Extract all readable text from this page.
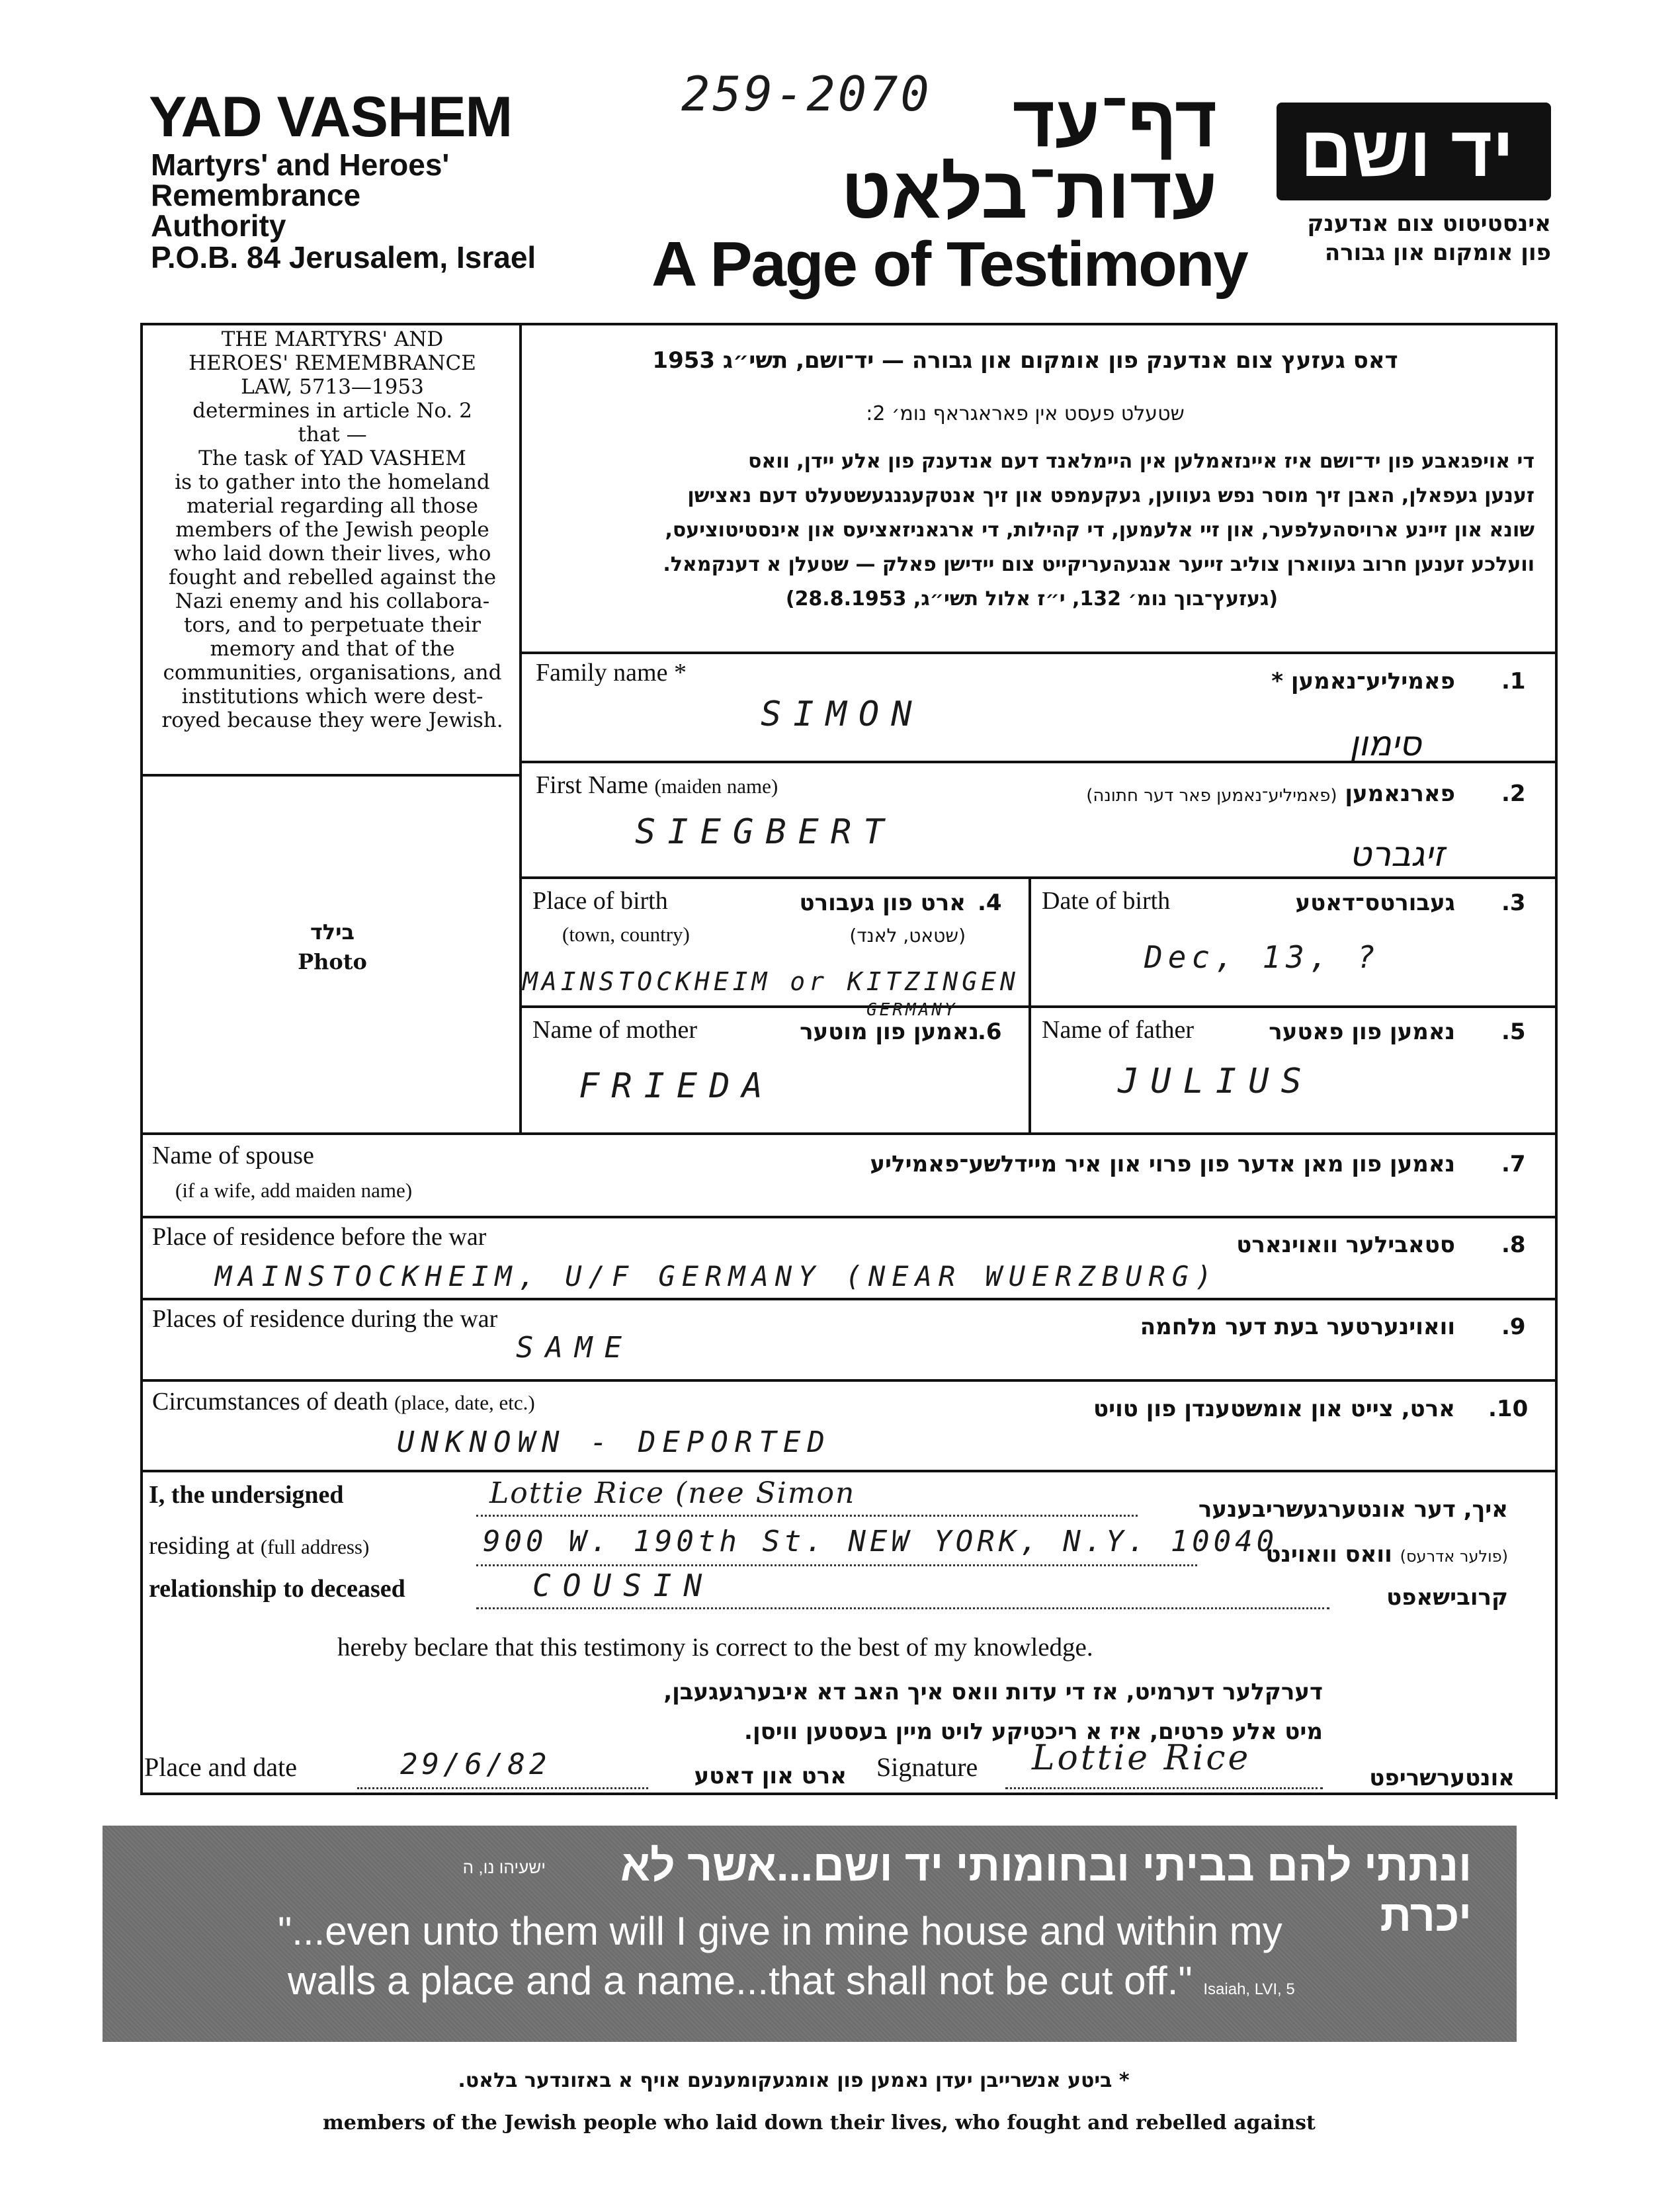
YAD VASHEM
Martyrs' and Heroes'
Remembrance
Authority
P.O.B. 84 Jerusalem, Israel
259-2070	דף־עד
עדות־בלאט
A Page of Testimony
יד ושם
אינסטיטוט צום אנדענק
פון אומקום און גבורה
THE MARTYRS' AND
HEROES' REMEMBRANCE
LAW, 5713—1953
determines in article No. 2
that —
The task of YAD VASHEM
is to gather into the homeland
material regarding all those
members of the Jewish people
who laid down their lives, who
fought and rebelled against the
Nazi enemy and his collabora-
tors, and to perpetuate their
memory and that of the
communities, organisations, and
institutions which were dest-
royed because they were Jewish.
דאס געזעץ צום אנדענק פון אומקום און גבורה — יד־ושם, תשי״ג 1953
שטעלט פעסט אין פאראגראף נומ׳ 2:
די אויפגאבע פון יד־ושם איז איינזאמלען אין היימלאנד דעם אנדענק פון אלע יידן, וואס
זענען געפאלן, האבן זיך מוסר נפש געווען, געקעמפט און זיך אנטקעגנגעשטעלט דעם נאצישן
שונא און זיינע ארויסהעלפער, און זיי אלעמען, די קהילות, די ארגאניזאציעס און אינסטיטוציעס,
וועלכע זענען חרוב געווארן צוליב זייער אנגעהעריקייט צום יידישן פאלק — שטעלן א דענקמאל.
(געזעץ־בוך נומ׳ 132, י״ז אלול תשי״ג, 28.8.1953)
בילד
Photo
Family name *	פאמיליע־נאמען * .1
SIMON
סימון
First Name (maiden name)	פארנאמען (פאמיליע־נאמען פאר דער חתונה)	.2
SIEGBERT
זיגברט
Place of birth
(town, country)
ארט פון געבורט
(שטאט, לאנד)
.4
MAINSTOCKHEIM or KITZINGEN
GERMANY
Date of birth	געבורטס־דאטע .3
Dec, 13, ?
Name of mother	נאמען פון מוטער
.6
FRIEDA
Name of father	נאמען פון פאטער .5
JULIUS
Name of spouse
(if a wife, add maiden name)
נאמען פון מאן אדער פון פרוי און איר מיידלשע־פאמיליע .7
Place of residence before the war	סטאבילער וואוינארט .8
MAINSTOCKHEIM, U/F GERMANY (NEAR WUERZBURG)
Places of residence during the war	וואוינערטער בעת דער מלחמה .9
SAME
Circumstances of death (place, date, etc.)	ארט, צייט און אומשטענדן פון טויט .10
UNKNOWN - DEPORTED
I, the undersigned	Lottie Rice (nee Simon	איך, דער אונטערגעשריבענער
residing at (full address)	900 W. 190th St. NEW YORK, N.Y. 10040	(פולער אדרעס) וואס וואוינט
relationship to deceased	COUSIN	קרובישאפט
hereby beclare that this testimony is correct to the best of my knowledge.
דערקלער דערמיט, אז די עדות וואס איך האב דא איבערגעגעבן,
מיט אלע פרטים, איז א ריכטיקע לויט מיין בעסטען וויסן.
Place and date	29/6/82	ארט און דאטע Signature Lottie Rice	אונטערשריפט
ונתתי להם בביתי ובחומותי יד ושם...אשר לא יכרת
ישעיהו נו, ה
"...even unto them will I give in mine house and within my
walls a place and a name...that shall not be cut off." Isaiah, LVI, 5
* ביטע אנשרייבן יעדן נאמען פון אומגעקומענעם אויף א באזונדער בלאט.
members of the Jewish people who laid down their lives, who fought and rebelled against
